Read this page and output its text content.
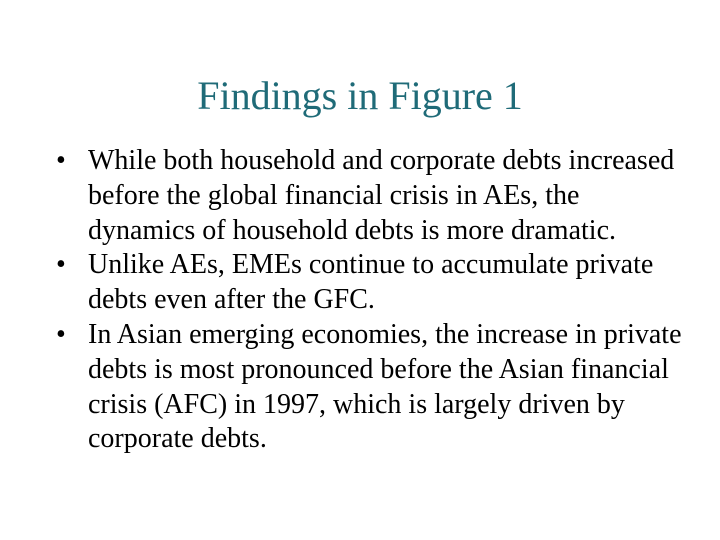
Findings in Figure 1
• While both household and corporate debts increased before the global financial crisis in AEs, the dynamics of household debts is more dramatic.
• Unlike AEs, EMEs continue to accumulate private debts even after the GFC.
• In Asian emerging economies, the increase in private debts is most pronounced before the Asian financial crisis (AFC) in 1997, which is largely driven by corporate debts.
